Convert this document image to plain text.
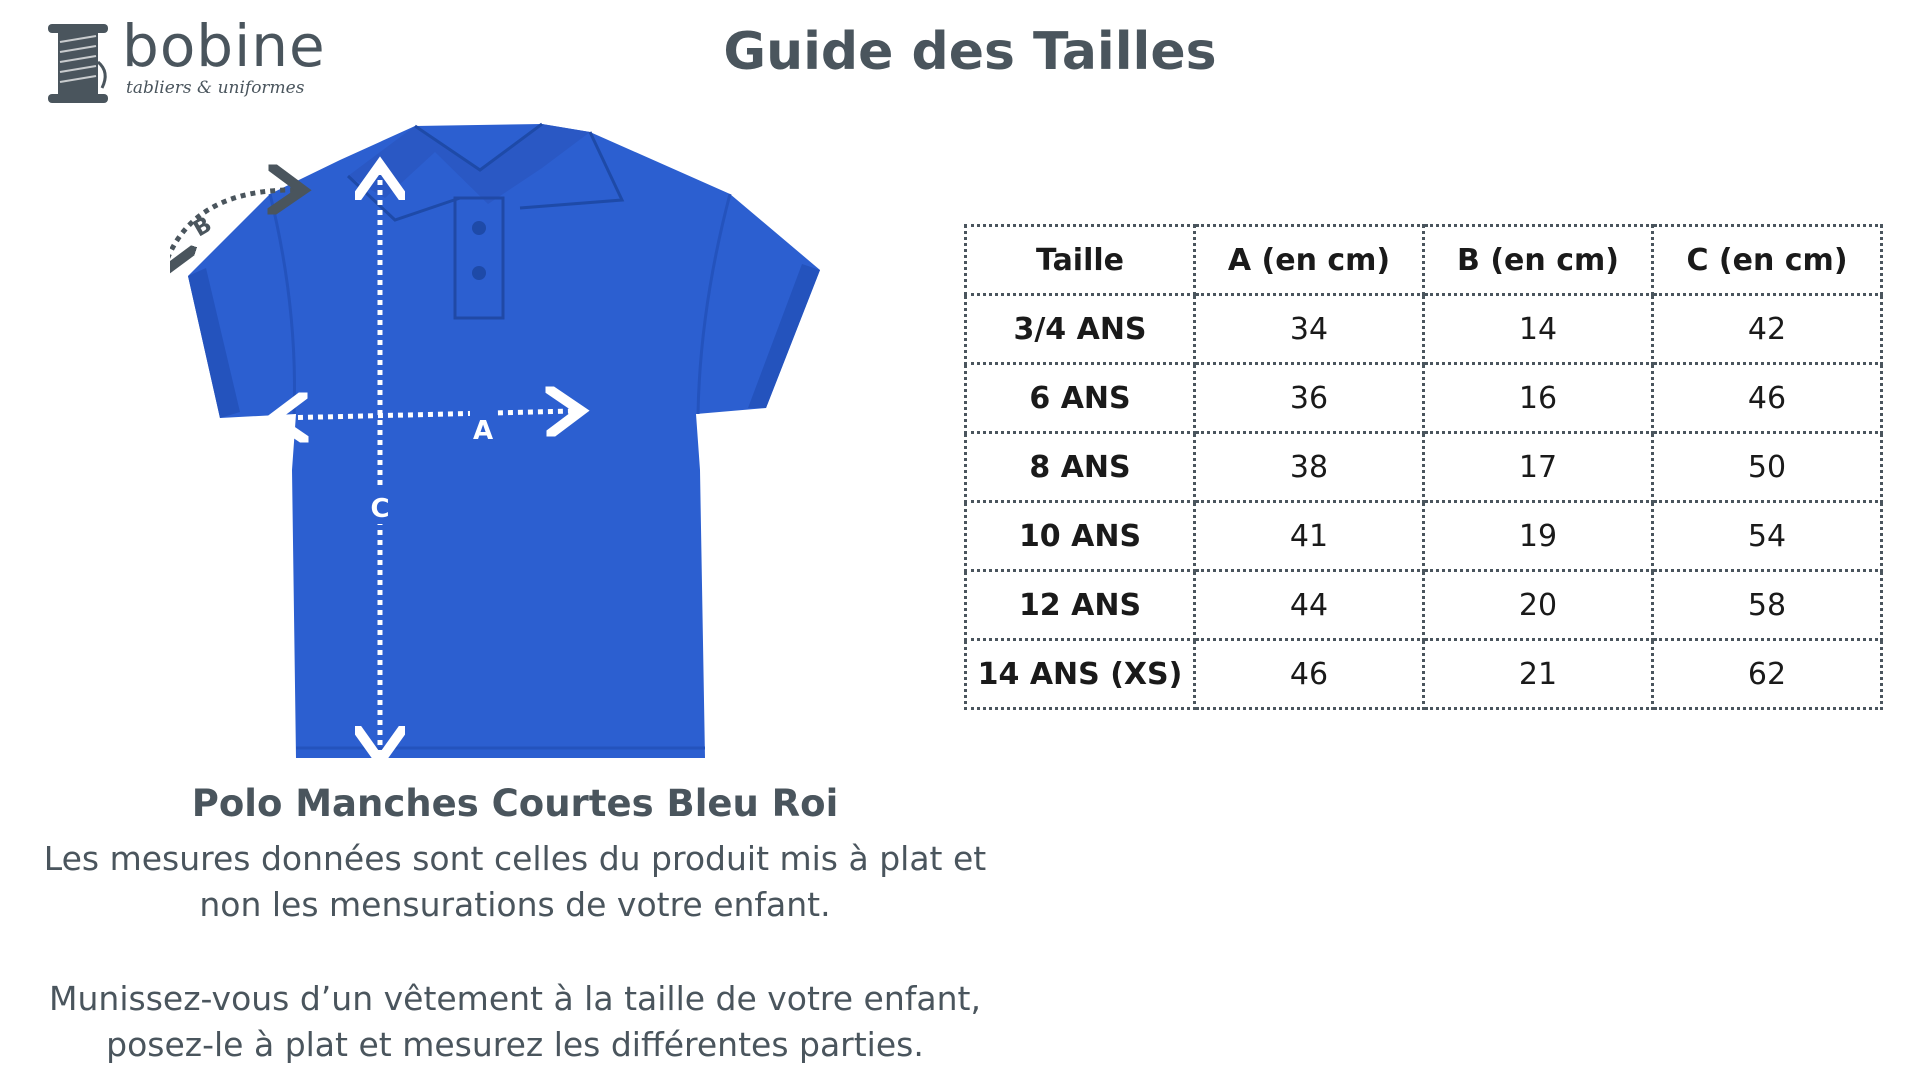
bobine
tabliers & uniformes
Guide des Tailles
A
C
B
Polo Manches Courtes Bleu Roi

Les mesures données sont celles du produit mis à plat et
non les mensurations de votre enfant.

Munissez-vous d’un vêtement à la taille de votre enfant,
posez-le à plat et mesurez les différentes parties.

Taille	A (en cm)	B (en cm)	C (en cm)
3/4 ANS	34	14	42
6 ANS	36	16	46
8 ANS	38	17	50
10 ANS	41	19	54
12 ANS	44	20	58
14 ANS (XS)	46	21	62
